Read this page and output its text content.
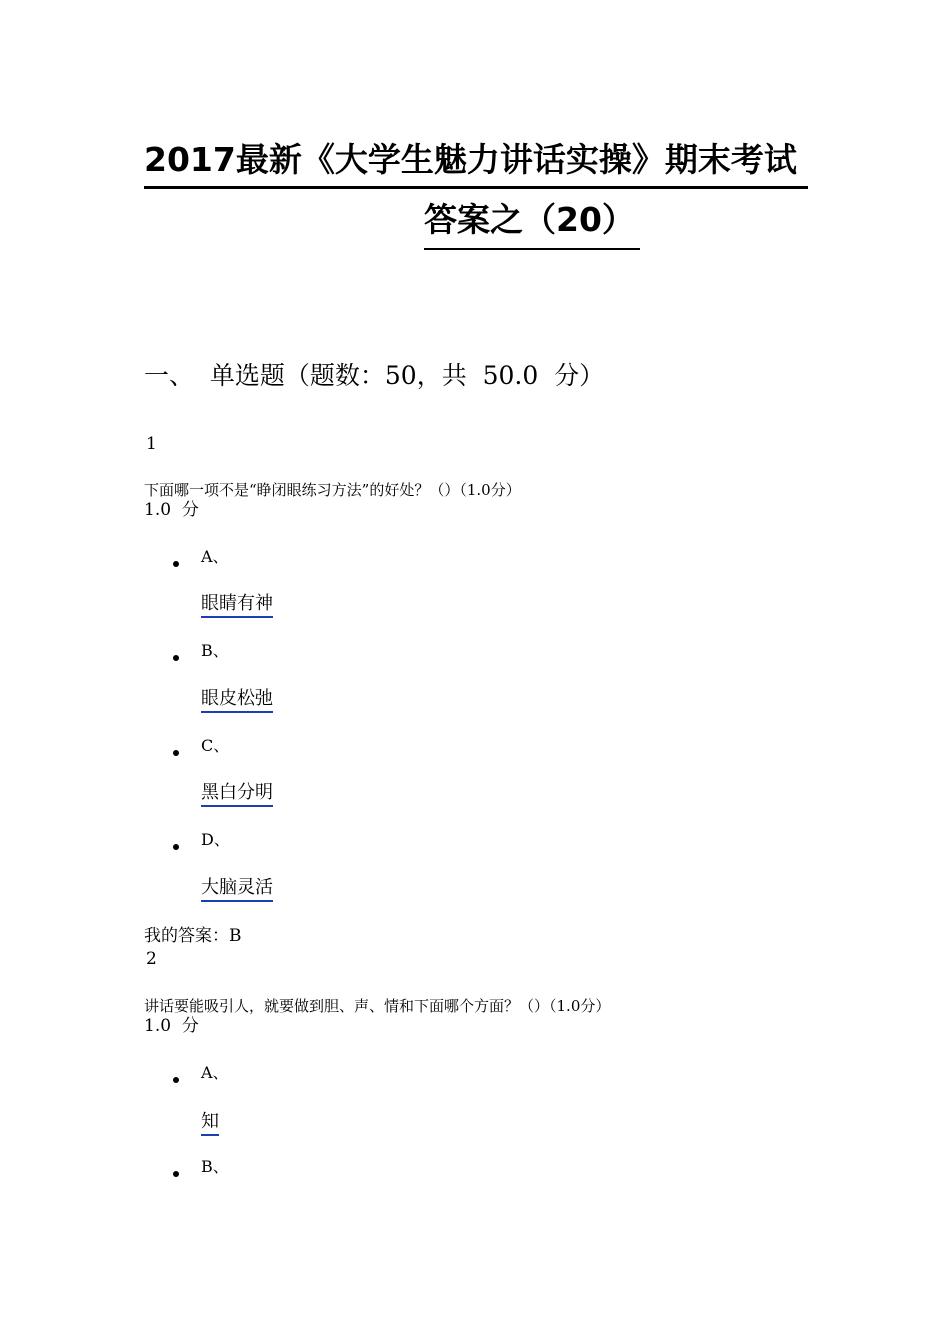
2017最新《大学生魅力讲话实操》期末考试
答案之（20）
一、  单选题（题数：50，共  50.0  分）
1
下面哪一项不是“睁闭眼练习方法”的好处？（）（1.0分）
1.0  分
A、
眼睛有神
B、
眼皮松弛
C、
黑白分明
D、
大脑灵活
我的答案：B
2
讲话要能吸引人，就要做到胆、声、情和下面哪个方面？（）（1.0分）
1.0  分
A、
知
B、
